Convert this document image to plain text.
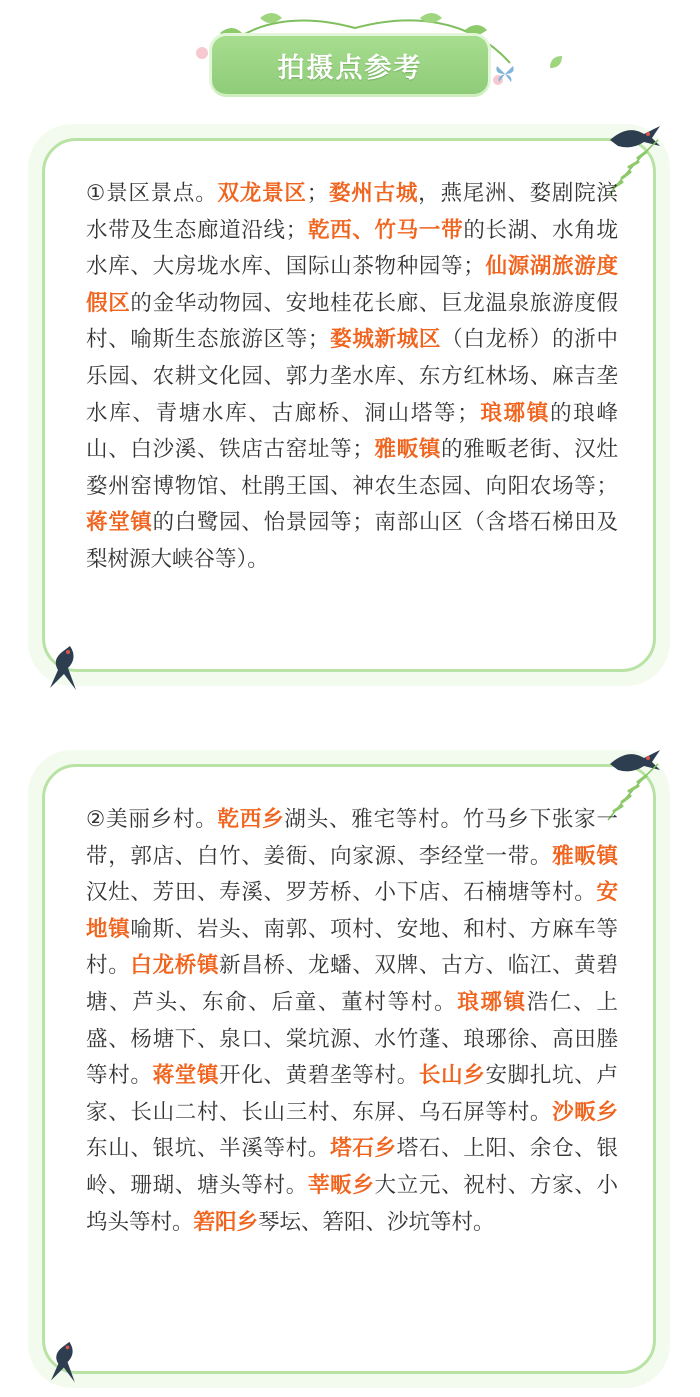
拍摄点参考
①景区景点。双龙景区；婺州古城，燕尾洲、婺剧院滨水带及生态廊道沿线；乾西、竹马一带的长湖、水角垅水库、大房垅水库、国际山茶物种园等；仙源湖旅游度假区的金华动物园、安地桂花长廊、巨龙温泉旅游度假村、喻斯生态旅游区等；婺城新城区（白龙桥）的浙中乐园、农耕文化园、郭力垄水库、东方红林场、麻吉垄水库、青塘水库、古廊桥、洞山塔等；琅琊镇的琅峰山、白沙溪、铁店古窑址等；雅畈镇的雅畈老街、汉灶婺州窑博物馆、杜鹃王国、神农生态园、向阳农场等；蒋堂镇的白鹭园、怡景园等；南部山区（含塔石梯田及梨树源大峡谷等）。
②美丽乡村。乾西乡湖头、雅宅等村。竹马乡下张家一带，郭店、白竹、姜衙、向家源、李经堂一带。雅畈镇汉灶、芳田、寿溪、罗芳桥、小下店、石楠塘等村。安地镇喻斯、岩头、南郭、项村、安地、和村、方麻车等村。白龙桥镇新昌桥、龙蟠、双牌、古方、临江、黄碧塘、芦头、东俞、后童、董村等村。琅琊镇浩仁、上盛、杨塘下、泉口、棠坑源、水竹蓬、琅琊徐、高田塍等村。蒋堂镇开化、黄碧垄等村。长山乡安脚扎坑、卢家、长山二村、长山三村、东屏、乌石屏等村。沙畈乡东山、银坑、半溪等村。塔石乡塔石、上阳、余仓、银岭、珊瑚、塘头等村。莘畈乡大立元、祝村、方家、小坞头等村。箬阳乡琴坛、箬阳、沙坑等村。
